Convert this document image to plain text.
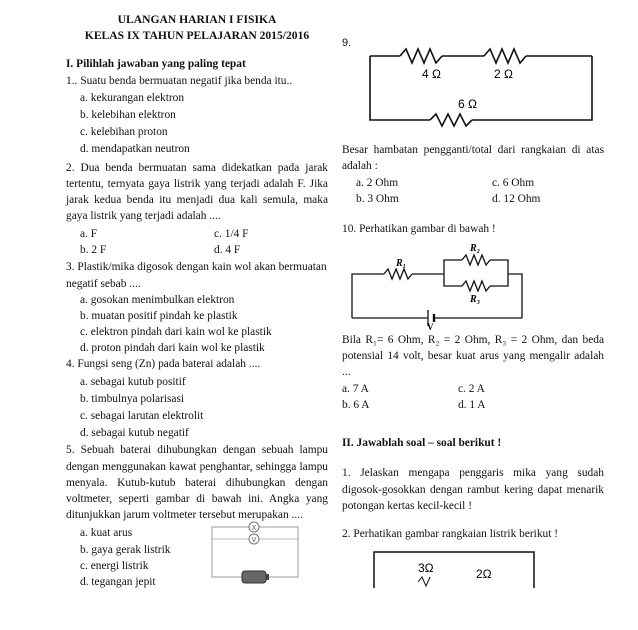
ULANGAN HARIAN I FISIKA
KELAS IX TAHUN PELAJARAN 2015/2016
I. Pilihlah jawaban yang paling tepat
1.. Suatu benda bermuatan negatif jika benda itu..
a. kekurangan elektron
b. kelebihan elektron
c. kelebihan proton
d. mendapatkan neutron
2. Dua benda bermuatan sama didekatkan pada jarak tertentu, ternyata gaya listrik yang terjadi adalah F. Jika jarak kedua benda itu menjadi dua kali semula, maka gaya listrik yang terjadi adalah ....
a. F	c. 1/4 F
b. 2 F	d. 4 F
3. Plastik/mika digosok dengan kain wol akan bermuatan negatif sebab ....
a. gosokan menimbulkan elektron
b. muatan positif pindah ke plastik
c. elektron pindah dari kain wol ke plastik
d. proton pindah dari kain wol ke plastik
4. Fungsi seng (Zn) pada baterai adalah ....
a. sebagai kutub positif
b. timbulnya polarisasi
c. sebagai larutan elektrolit
d. sebagai kutub negatif
5. Sebuah baterai dihubungkan dengan sebuah lampu dengan menggunakan kawat penghantar, sehingga lampu menyala. Kutub-kutub baterai dihubungkan dengan voltmeter, seperti gambar di bawah ini. Angka yang ditunjukkan jarum voltmeter tersebut merupakan ....
a. kuat arus
b. gaya gerak listrik
c. energi listrik
d. tegangan jepit
X
V
9.
4 Ω	2 Ω
6 Ω
Besar hambatan pengganti/total dari rangkaian di atas adalah :
a. 2 Ohm	c. 6 Ohm
b. 3 Ohm	d. 12 Ohm
10. Perhatikan gambar di bawah !
R₁
R₂
R₃
V
Bila R₁= 6 Ohm, R₂ = 2 Ohm, R₃ = 2 Ohm, dan beda potensial 14 volt, besar kuat arus yang mengalir adalah ...
a. 7 A	c. 2 A
b. 6 A	d. 1 A
II. Jawablah soal – soal berikut !
1. Jelaskan mengapa penggaris mika yang sudah digosok-gosokkan dengan rambut kering dapat menarik potongan kertas kecil-kecil !
2. Perhatikan gambar rangkaian listrik berikut !
3Ω	2Ω
